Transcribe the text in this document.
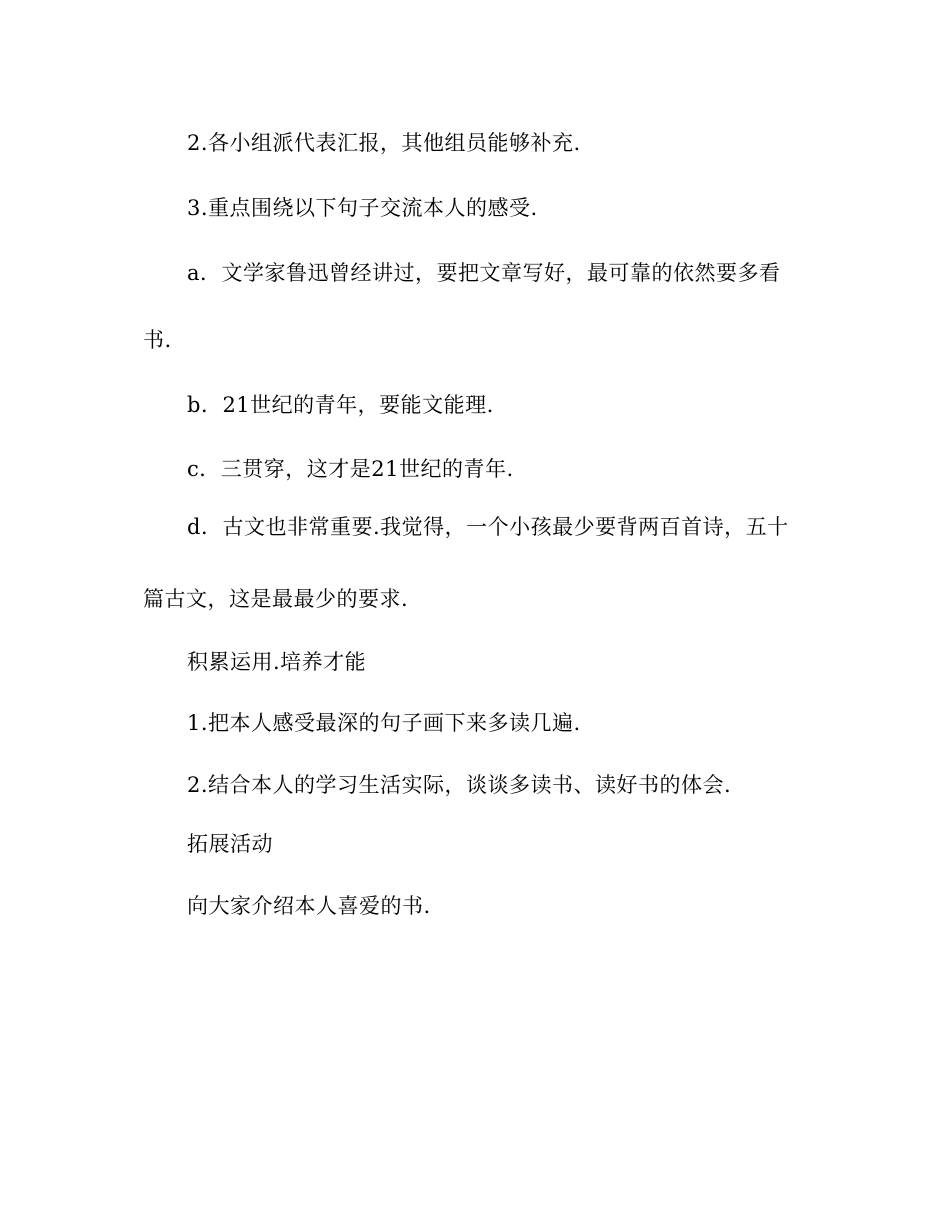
2.各小组派代表汇报，其他组员能够补充.
3.重点围绕以下句子交流本人的感受.
a．文学家鲁迅曾经讲过，要把文章写好，最可靠的依然要多看
书.
b．21世纪的青年，要能文能理.
c．三贯穿，这才是21世纪的青年.
d．古文也非常重要.我觉得，一个小孩最少要背两百首诗，五十
篇古文，这是最最少的要求.
积累运用.培养才能
1.把本人感受最深的句子画下来多读几遍.
2.结合本人的学习生活实际，谈谈多读书、读好书的体会.
拓展活动
向大家介绍本人喜爱的书.
